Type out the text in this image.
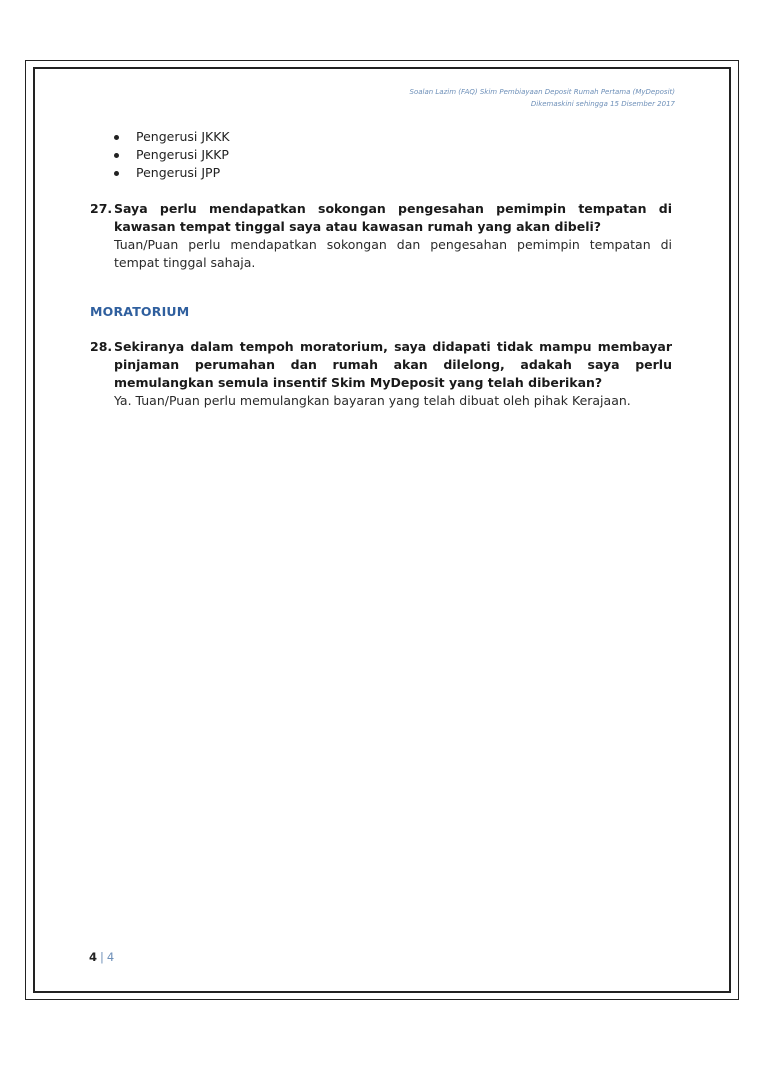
Soalan Lazim (FAQ) Skim Pembiayaan Deposit Rumah Pertama (MyDeposit)
Dikemaskini sehingga 15 Disember 2017
Pengerusi JKKK
Pengerusi JKKP
Pengerusi JPP
27. Saya perlu mendapatkan sokongan pengesahan pemimpin tempatan di kawasan tempat tinggal saya atau kawasan rumah yang akan dibeli?
Tuan/Puan perlu mendapatkan sokongan dan pengesahan pemimpin tempatan di tempat tinggal sahaja.
MORATORIUM
28. Sekiranya dalam tempoh moratorium, saya didapati tidak mampu membayar pinjaman perumahan dan rumah akan dilelong, adakah saya perlu memulangkan semula insentif Skim MyDeposit yang telah diberikan?
Ya. Tuan/Puan perlu memulangkan bayaran yang telah dibuat oleh pihak Kerajaan.
4 | 4
